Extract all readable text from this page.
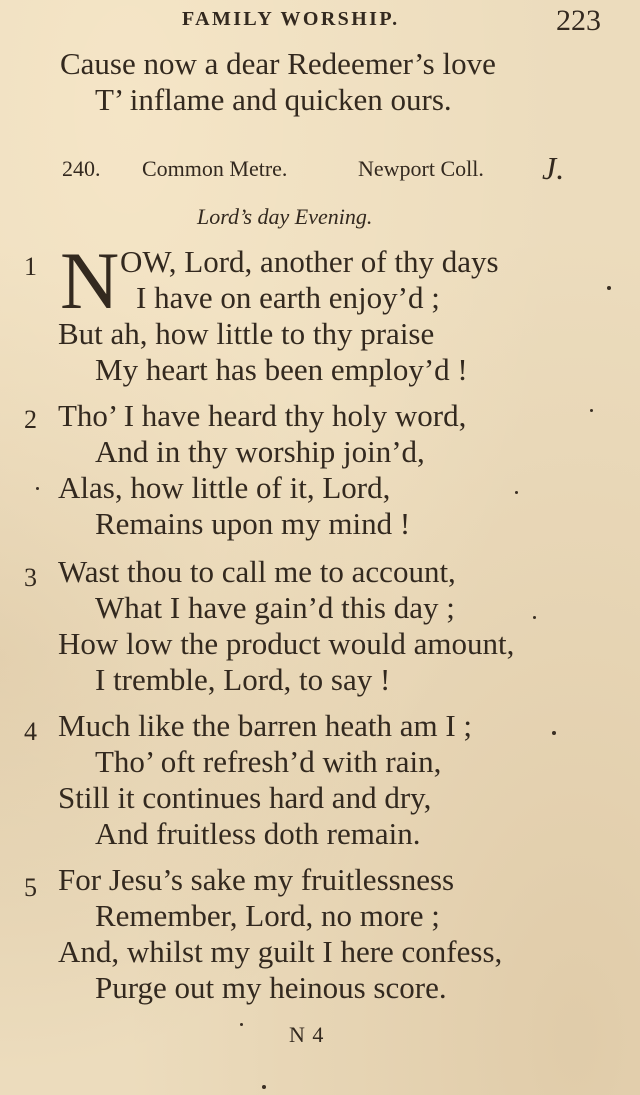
FAMILY WORSHIP.	223
Cause now a dear Redeemer’s love
T’ inflame and quicken ours.
240. Common Metre.	Newport Coll. J.
Lord’s day Evening.
1 N OW, Lord, another of thy days
I have on earth enjoy’d ;
But ah, how little to thy praise
My heart has been employ’d !
2 Tho’ I have heard thy holy word,
And in thy worship join’d,
Alas, how little of it, Lord,
Remains upon my mind !
3 Wast thou to call me to account,
What I have gain’d this day ;
How low the product would amount,
I tremble, Lord, to say !
4 Much like the barren heath am I ;
Tho’ oft refresh’d with rain,
Still it continues hard and dry,
And fruitless doth remain.
5 For Jesu’s sake my fruitlessness
Remember, Lord, no more ;
And, whilst my guilt I here confess,
Purge out my heinous score.
N 4
